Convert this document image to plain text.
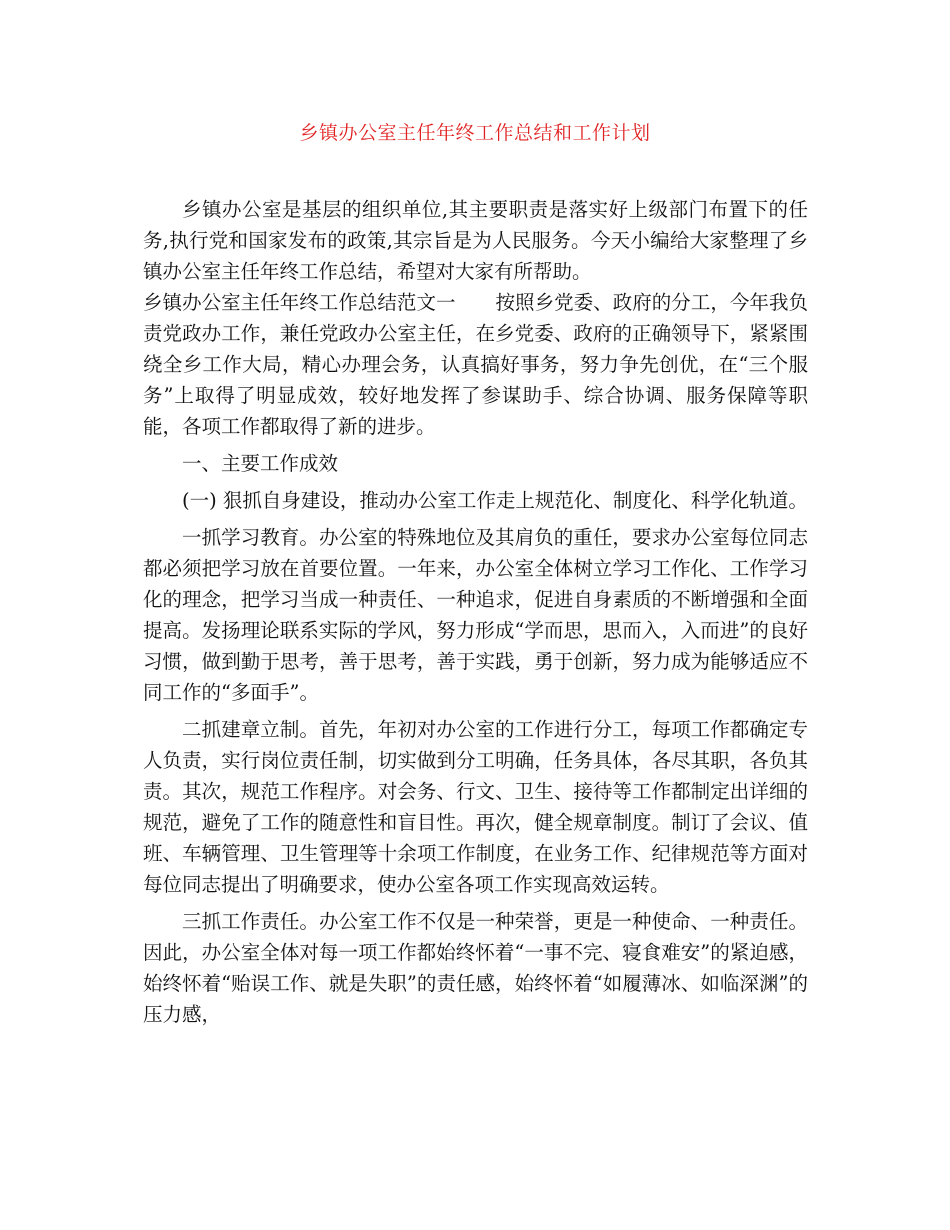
乡镇办公室主任年终工作总结和工作计划

乡镇办公室是基层的组织单位,其主要职责是落实好上级部门布置下的任务,执行党和国家发布的政策,其宗旨是为人民服务。今天小编给大家整理了乡镇办公室主任年终工作总结，希望对大家有所帮助。

乡镇办公室主任年终工作总结范文一 按照乡党委、政府的分工，今年我负责党政办工作，兼任党政办公室主任，在乡党委、政府的正确领导下，紧紧围绕全乡工作大局，精心办理会务，认真搞好事务，努力争先创优，在“三个服务”上取得了明显成效，较好地发挥了参谋助手、综合协调、服务保障等职能，各项工作都取得了新的进步。

一、主要工作成效

(一) 狠抓自身建设，推动办公室工作走上规范化、制度化、科学化轨道。

一抓学习教育。办公室的特殊地位及其肩负的重任，要求办公室每位同志都必须把学习放在首要位置。一年来，办公室全体树立学习工作化、工作学习化的理念，把学习当成一种责任、一种追求，促进自身素质的不断增强和全面提高。发扬理论联系实际的学风，努力形成“学而思，思而入，入而进”的良好习惯，做到勤于思考，善于思考，善于实践，勇于创新，努力成为能够适应不同工作的“多面手”。

二抓建章立制。首先，年初对办公室的工作进行分工，每项工作都确定专人负责，实行岗位责任制，切实做到分工明确，任务具体，各尽其职，各负其责。其次，规范工作程序。对会务、行文、卫生、接待等工作都制定出详细的规范，避免了工作的随意性和盲目性。再次，健全规章制度。制订了会议、值班、车辆管理、卫生管理等十余项工作制度，在业务工作、纪律规范等方面对每位同志提出了明确要求，使办公室各项工作实现高效运转。

三抓工作责任。办公室工作不仅是一种荣誉，更是一种使命、一种责任。因此，办公室全体对每一项工作都始终怀着“一事不完、寝食难安”的紧迫感，始终怀着“贻误工作、就是失职”的责任感，始终怀着“如履薄冰、如临深渊”的压力感，
